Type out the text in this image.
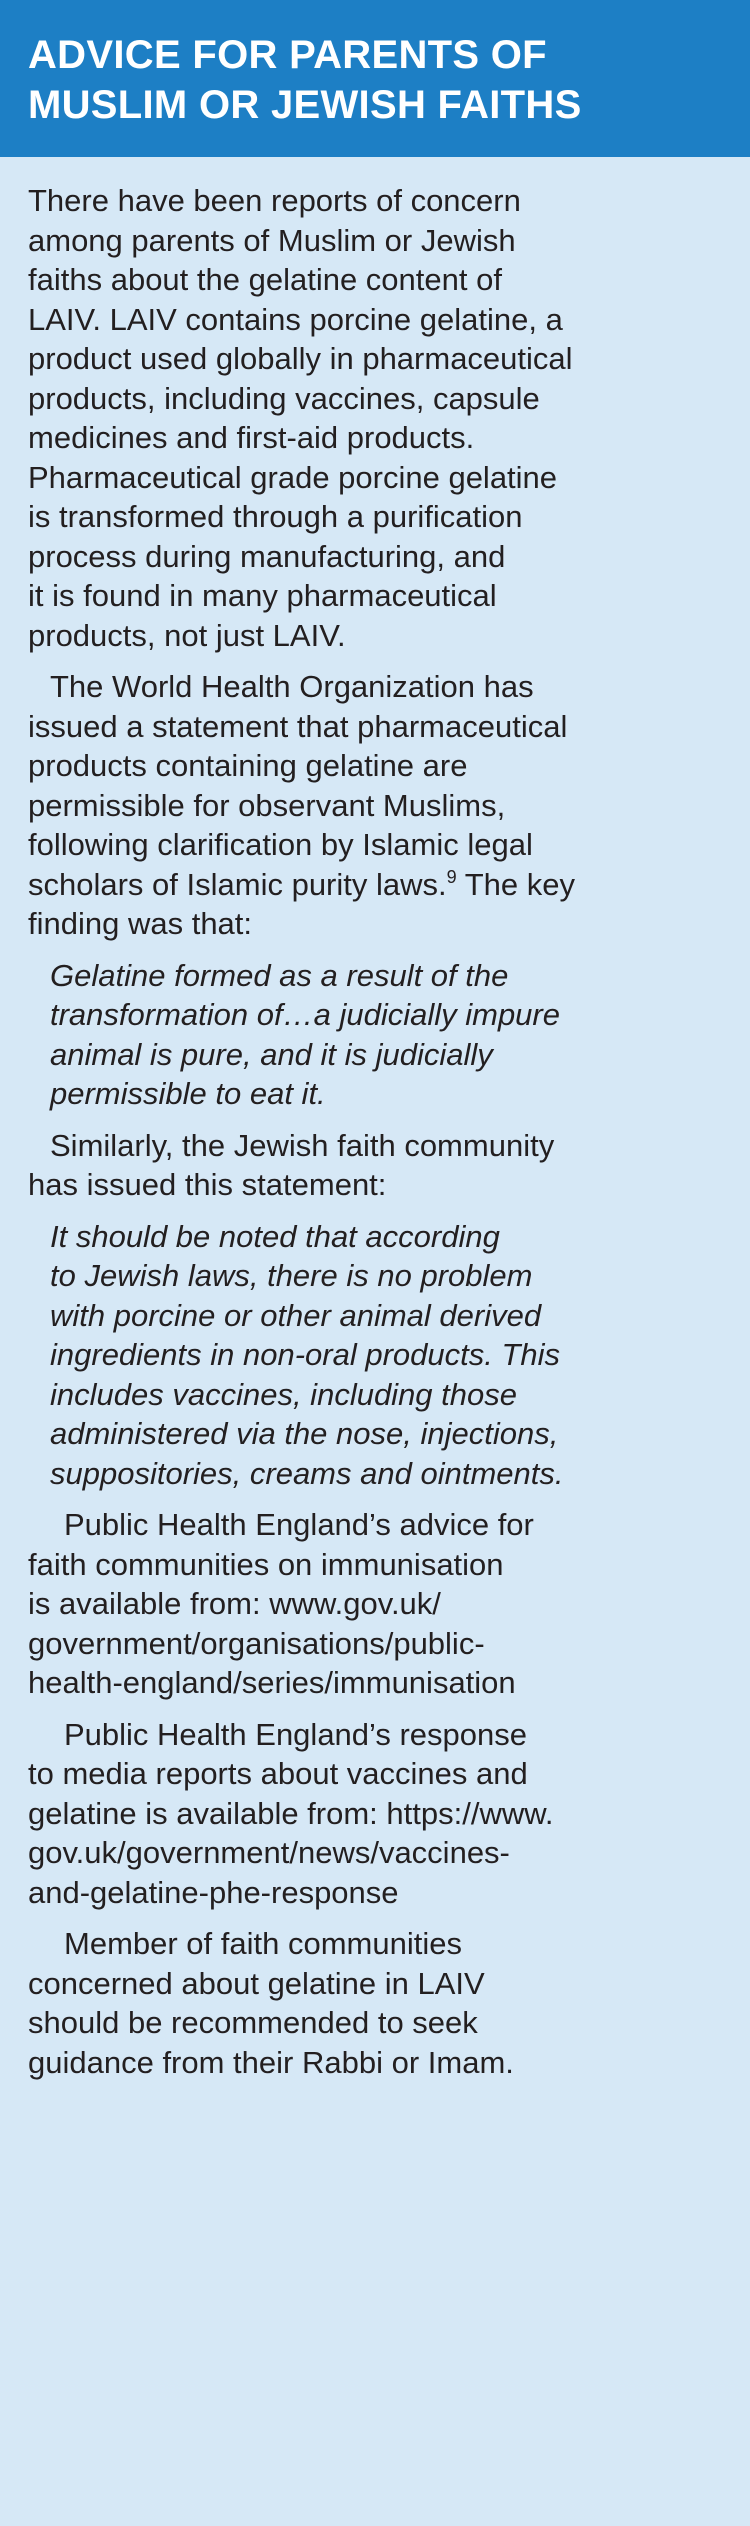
ADVICE FOR PARENTS OF
MUSLIM OR JEWISH FAITHS
There have been reports of concern
among parents of Muslim or Jewish
faiths about the gelatine content of
LAIV. LAIV contains porcine gelatine, a
product used globally in pharmaceutical
products, including vaccines, capsule
medicines and first-aid products.
Pharmaceutical grade porcine gelatine
is transformed through a purification
process during manufacturing, and
it is found in many pharmaceutical
products, not just LAIV.
The World Health Organization has
issued a statement that pharmaceutical
products containing gelatine are
permissible for observant Muslims,
following clarification by Islamic legal
scholars of Islamic purity laws.$^9$ The key
finding was that:
Gelatine formed as a result of the
transformation of…a judicially impure
animal is pure, and it is judicially
permissible to eat it.
Similarly, the Jewish faith community
has issued this statement:
It should be noted that according
to Jewish laws, there is no problem
with porcine or other animal derived
ingredients in non-oral products. This
includes vaccines, including those
administered via the nose, injections,
suppositories, creams and ointments.
Public Health England’s advice for
faith communities on immunisation
is available from: www.gov.uk/
government/organisations/public-
health-england/series/immunisation
Public Health England’s response
to media reports about vaccines and
gelatine is available from: https://www.
gov.uk/government/news/vaccines-
and-gelatine-phe-response
Member of faith communities
concerned about gelatine in LAIV
should be recommended to seek
guidance from their Rabbi or Imam.
